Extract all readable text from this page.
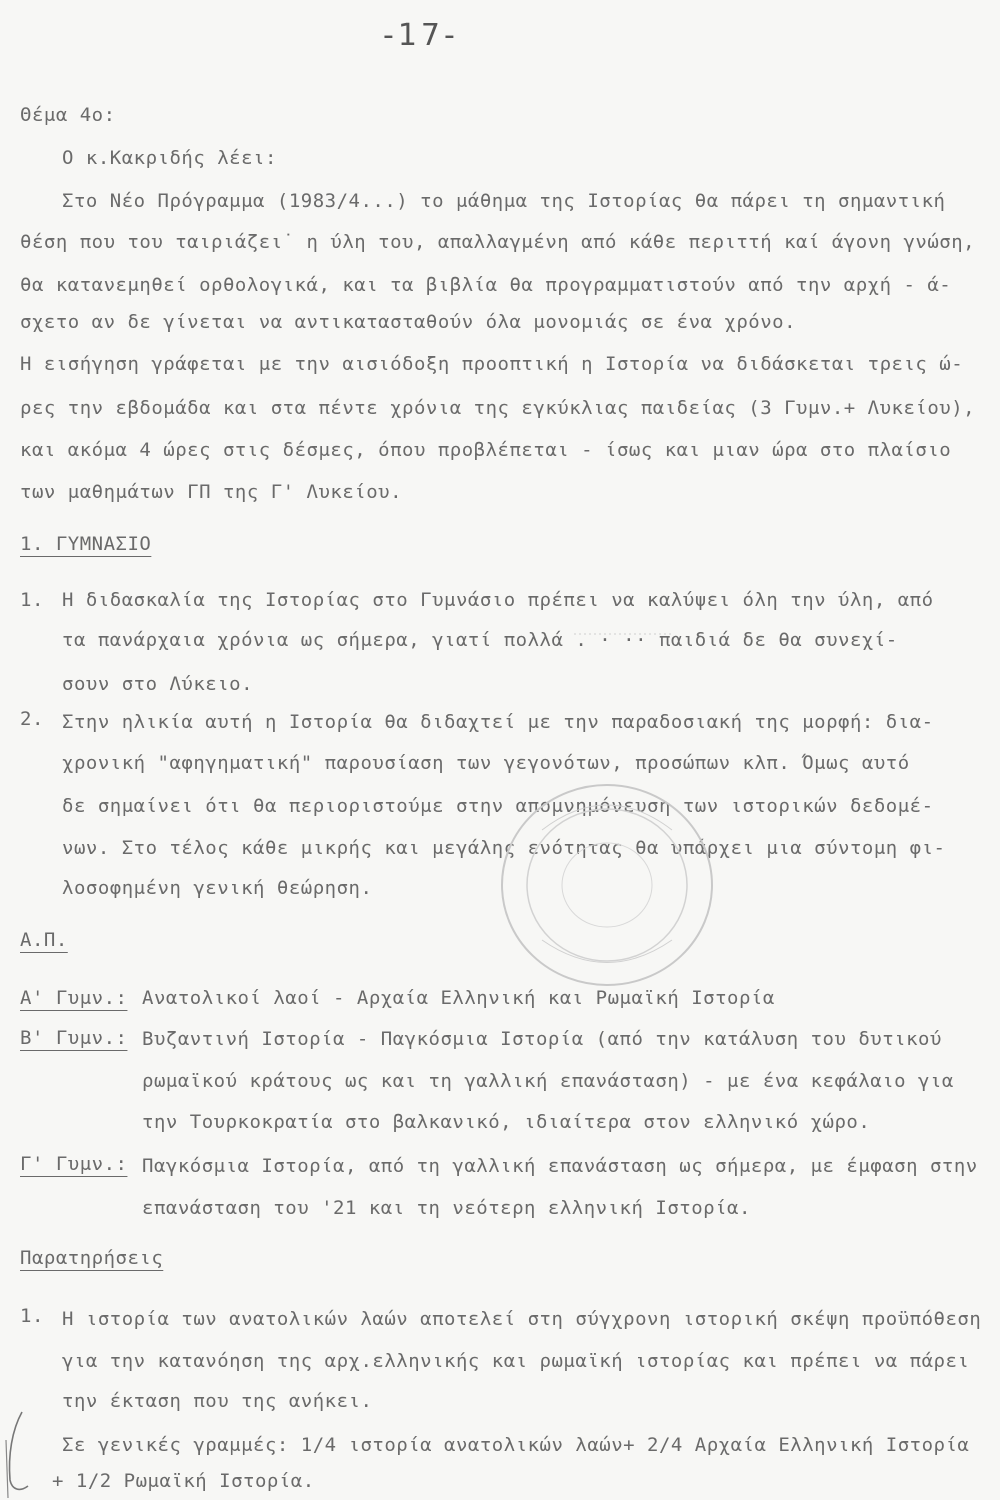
-17-
Θέμα 4ο:
Ο κ.Κακριδής λέει:
Στο Νέο Πρόγραμμα (1983/4...) το μάθημα της Ιστορίας θα πάρει τη σημαντική
θέση που του ταιριάζει˙ η ύλη του, απαλλαγμένη από κάθε περιττή καί άγονη γνώση,
θα κατανεμηθεί ορθολογικά, και τα βιβλία θα προγραμματιστούν από την αρχή - ά-
σχετο αν δε γίνεται να αντικατασταθούν όλα μονομιάς σε ένα χρόνο.
Η εισήγηση γράφεται με την αισιόδοξη προοπτική η Ιστορία να διδάσκεται τρεις ώ-
ρες την εβδομάδα και στα πέντε χρόνια της εγκύκλιας παιδείας (3 Γυμν.+ Λυκείου),
και ακόμα 4 ώρες στις δέσμες, όπου προβλέπεται - ίσως και μιαν ώρα στο πλαίσιο
των μαθημάτων ΓΠ της Γ' Λυκείου.
1. ΓΥΜΝΑΣΙΟ
1. Η διδασκαλία της Ιστορίας στο Γυμνάσιο πρέπει να καλύψει όλη την ύλη, από
τα πανάρχαια χρόνια ως σήμερα, γιατί πολλά . · ·· παιδιά δε θα συνεχί-
σουν στο Λύκειο.
2. Στην ηλικία αυτή η Ιστορία θα διδαχτεί με την παραδοσιακή της μορφή: δια-
χρονική "αφηγηματική" παρουσίαση των γεγονότων, προσώπων κλπ. Όμως αυτό
δε σημαίνει ότι θα περιοριστούμε στην απομνημόνευση των ιστορικών δεδομέ-
νων. Στο τέλος κάθε μικρής και μεγάλης ενότητας θα υπάρχει μια σύντομη φι-
λοσοφημένη γενική θεώρηση.
Α.Π.
Α' Γυμν.: Ανατολικοί λαοί - Αρχαία Ελληνική και Ρωμαϊκή Ιστορία
Β' Γυμν.: Βυζαντινή Ιστορία - Παγκόσμια Ιστορία (από την κατάλυση του δυτικού
ρωμαϊκού κράτους ως και τη γαλλική επανάσταση) - με ένα κεφάλαιο για
την Τουρκοκρατία στο βαλκανικό, ιδιαίτερα στον ελληνικό χώρο.
Γ' Γυμν.: Παγκόσμια Ιστορία, από τη γαλλική επανάσταση ως σήμερα, με έμφαση στην
επανάσταση του '21 και τη νεότερη ελληνική Ιστορία.
Παρατηρήσεις
1. Η ιστορία των ανατολικών λαών αποτελεί στη σύγχρονη ιστορική σκέψη προϋπόθεση
για την κατανόηση της αρχ.ελληνικής και ρωμαϊκή ιστορίας και πρέπει να πάρει
την έκταση που της ανήκει.
Σε γενικές γραμμές: 1/4 ιστορία ανατολικών λαών+ 2/4 Αρχαία Ελληνική Ιστορία
+ 1/2 Ρωμαϊκή Ιστορία.
